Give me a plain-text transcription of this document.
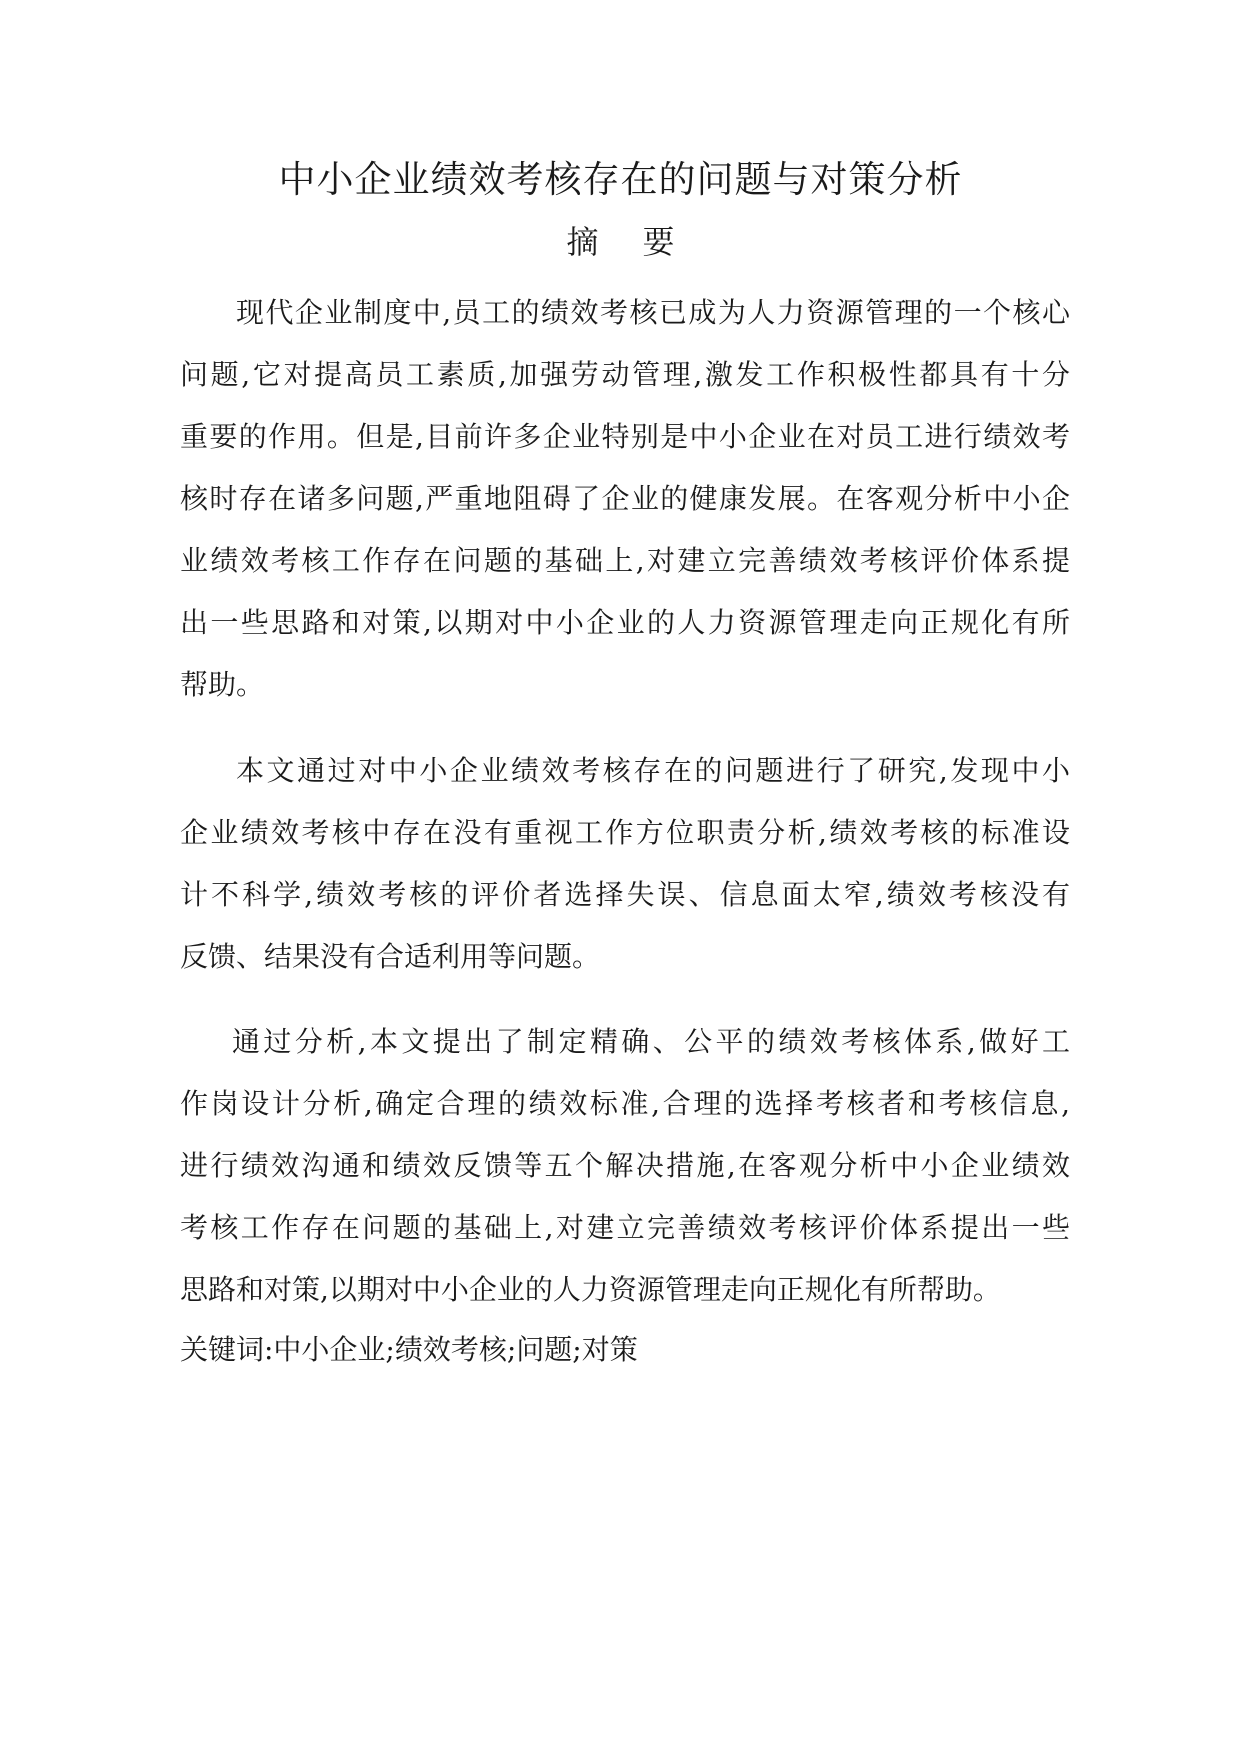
中小企业绩效考核存在的问题与对策分析
摘要
现代企业制度中,员工的绩效考核已成为人力资源管理的一个核心
问题,它对提高员工素质,加强劳动管理,激发工作积极性都具有十分
重要的作用。但是,目前许多企业特别是中小企业在对员工进行绩效考
核时存在诸多问题,严重地阻碍了企业的健康发展。在客观分析中小企
业绩效考核工作存在问题的基础上,对建立完善绩效考核评价体系提
出一些思路和对策,以期对中小企业的人力资源管理走向正规化有所
帮助。
本文通过对中小企业绩效考核存在的问题进行了研究,发现中小
企业绩效考核中存在没有重视工作方位职责分析,绩效考核的标准设
计不科学,绩效考核的评价者选择失误、信息面太窄,绩效考核没有
反馈、结果没有合适利用等问题。
通过分析,本文提出了制定精确、公平的绩效考核体系,做好工
作岗设计分析,确定合理的绩效标准,合理的选择考核者和考核信息,
进行绩效沟通和绩效反馈等五个解决措施,在客观分析中小企业绩效
考核工作存在问题的基础上,对建立完善绩效考核评价体系提出一些
思路和对策,以期对中小企业的人力资源管理走向正规化有所帮助。
关键词:中小企业;绩效考核;问题;对策
